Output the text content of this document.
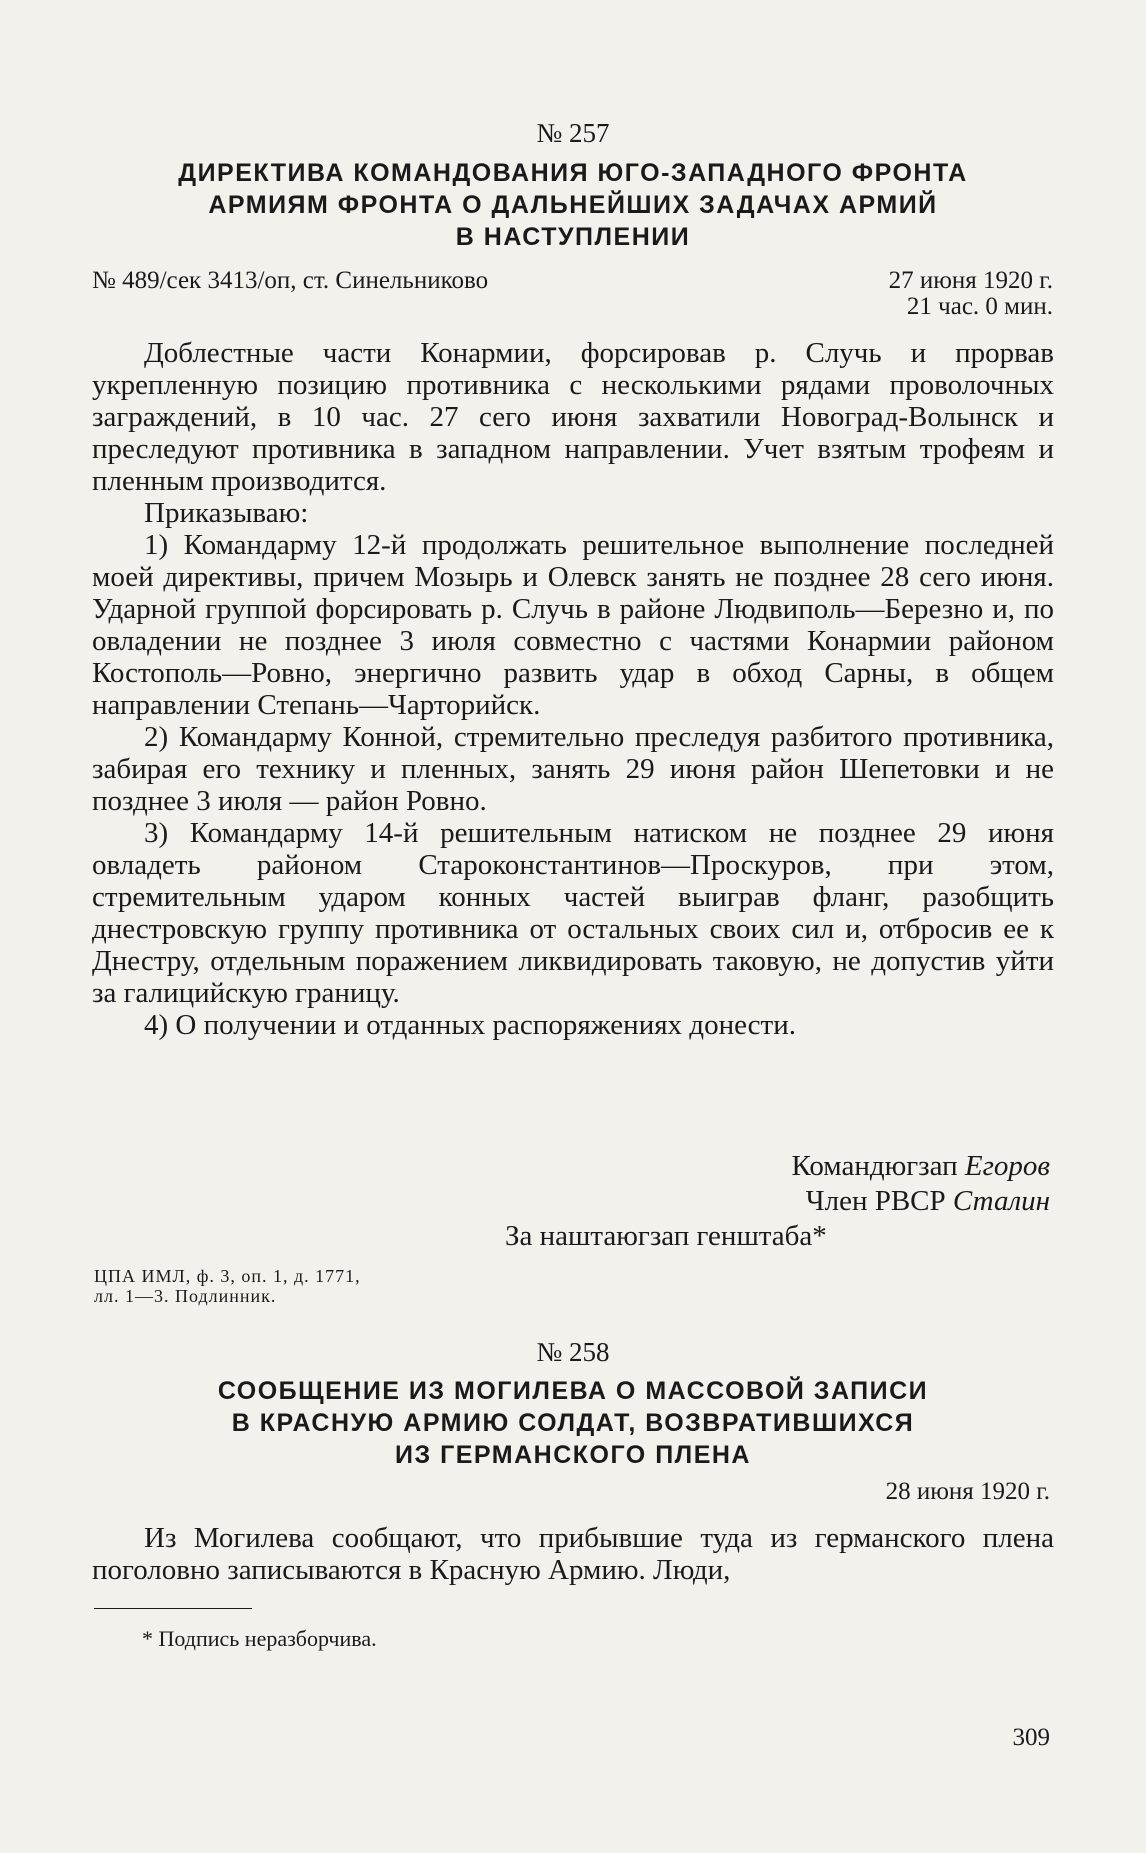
№ 257
ДИРЕКТИВА КОМАНДОВАНИЯ ЮГО-ЗАПАДНОГО ФРОНТА
АРМИЯМ ФРОНТА О ДАЛЬНЕЙШИХ ЗАДАЧАХ АРМИЙ
В НАСТУПЛЕНИИ
№ 489/сек 3413/оп, ст. Синельниково	27 июня 1920 г.
21 час. 0 мин.

Доблестные части Конармии, форсировав р. Случь и прорвав укрепленную позицию противника с несколькими рядами проволочных заграждений, в 10 час. 27 сего июня захватили Новоград-Волынск и преследуют противника в западном направлении. Учет взятым трофеям и пленным производится.

Приказываю:

1) Командарму 12-й продолжать решительное выполнение последней моей директивы, причем Мозырь и Олевск занять не позднее 28 сего июня. Ударной группой форсировать р. Случь в районе Людвиполь—Березно и, по овладении не позднее 3 июля совместно с частями Конармии районом Костополь—Ровно, энергично развить удар в обход Сарны, в общем направлении Степань—Чарторийск.

2) Командарму Конной, стремительно преследуя разбитого противника, забирая его технику и пленных, занять 29 июня район Шепетовки и не позднее 3 июля — район Ровно.

3) Командарму 14-й решительным натиском не позднее 29 июня овладеть районом Староконстантинов—Проскуров, при этом, стремительным ударом конных частей выиграв фланг, разобщить днестровскую группу противника от остальных своих сил и, отбросив ее к Днестру, отдельным поражением ликвидировать таковую, не допустив уйти за галицийскую границу.

4) О получении и отданных распоряжениях донести.

Командюгзап Егоров
Член РВСР Сталин
За наштаюгзап генштаба*
ЦПА ИМЛ, ф. 3, оп. 1, д. 1771,
лл. 1—3. Подлинник.
№ 258
СООБЩЕНИЕ ИЗ МОГИЛЕВА О МАССОВОЙ ЗАПИСИ
В КРАСНУЮ АРМИЮ СОЛДАТ, ВОЗВРАТИВШИХСЯ
ИЗ ГЕРМАНСКОГО ПЛЕНА
28 июня 1920 г.

Из Могилева сообщают, что прибывшие туда из германского плена поголовно записываются в Красную Армию. Люди,

* Подпись неразборчива.
309
